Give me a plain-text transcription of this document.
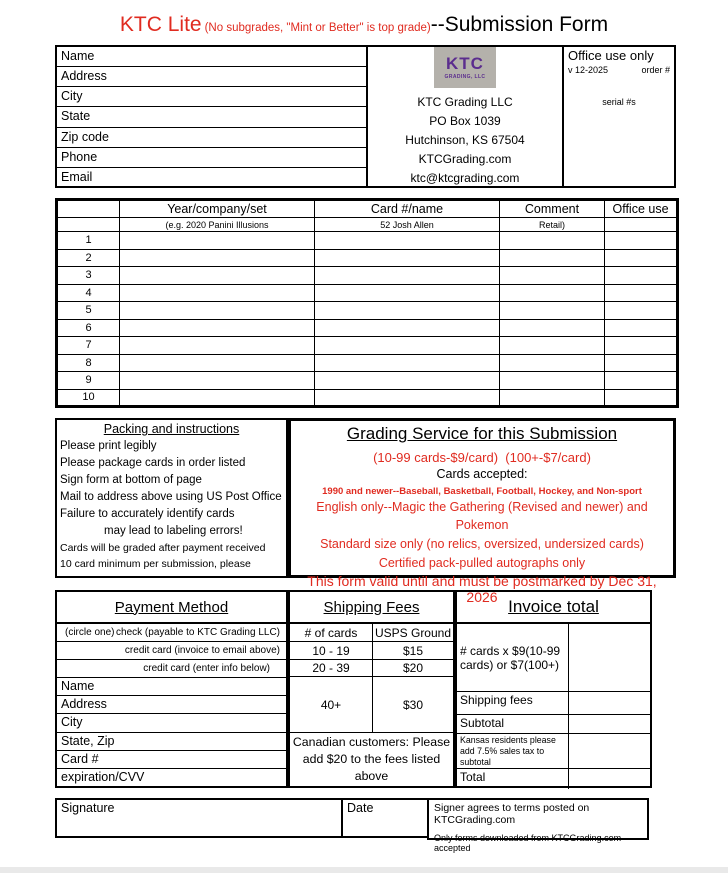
KTC Lite (No subgrades, "Mint or Better" is top grade) --Submission Form
Name
Address
City
State
Zip code
Phone
Email
KTC
GRADING, LLC
KTC Grading LLC
PO Box 1039
Hutchinson, KS 67504
KTCGrading.com
ktc@ktcgrading.com
Office use only
v 12-2025	order #
serial #s
	Year/company/set	Card #/name	Comment	Office use
	(e.g. 2020 Panini Illusions	52 Josh Allen	Retail)	
1				
2				
3				
4				
5				
6				
7				
8				
9				
10				
Packing and instructions
Please print legibly
Please package cards in order listed
Sign form at bottom of page
Mail to address above using US Post Office
Failure to accurately identify cards
may lead to labeling errors!
Cards will be graded after payment received
10 card minimum per submission, please
Grading Service for this Submission
(10-99 cards-$9/card)  (100+-$7/card)
Cards accepted:
1990 and newer--Baseball, Basketball, Football, Hockey, and Non-sport
English only--Magic the Gathering (Revised and newer) and Pokemon
Standard size only (no relics, oversized, undersized cards)
Certified pack-pulled autographs only
This form valid until and must be postmarked by Dec 31, 2026
Payment Method
(circle one) check (payable to KTC Grading LLC)
credit card (invoice to email above)
credit card (enter info below)
Name
Address
City
State, Zip
Card #
expiration/CVV
Shipping Fees
# of cards	USPS Ground
10 - 19	$15
20 - 39	$20
40+	$30
Canadian customers: Please
add $20 to the fees listed
above
Invoice total
# cards x $9(10-99 cards) or $7(100+)
Shipping fees
Subtotal
Kansas residents please add 7.5% sales tax to subtotal
Total
Signature	Date	Signer agrees to terms posted on KTCGrading.com
Only forms downloaded from KTCGrading.com accepted
